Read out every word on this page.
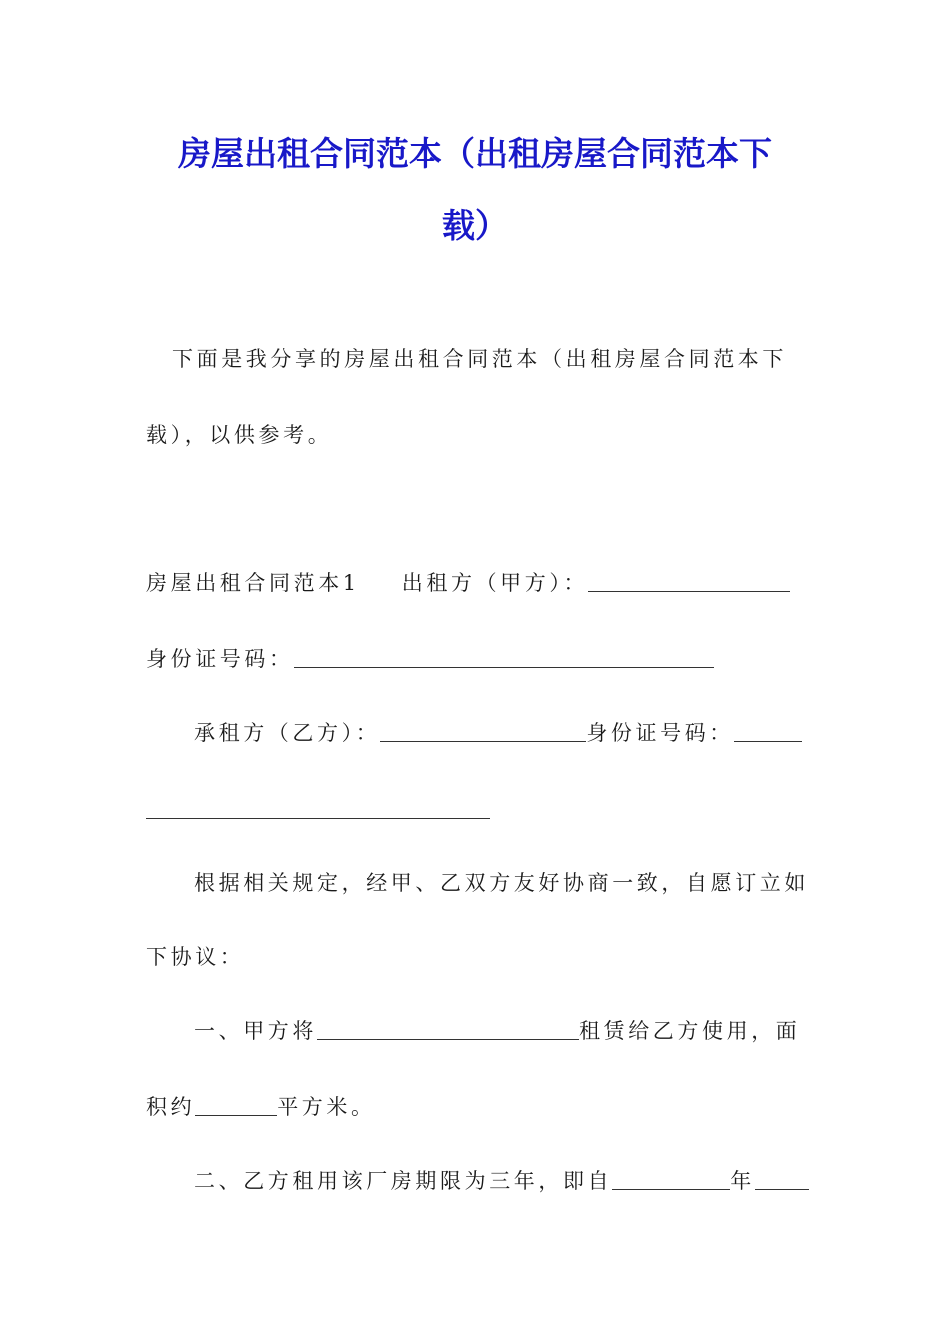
房屋出租合同范本（出租房屋合同范本下
载）
下面是我分享的房屋出租合同范本（出租房屋合同范本下
载），以供参考。
房屋出租合同范本1 出租方（甲方）：
身份证号码：
承租方（乙方）：	身份证号码：
根据相关规定，经甲、乙双方友好协商一致，自愿订立如
下协议：
一、甲方将	租赁给乙方使用，面
积约	平方米。
二、乙方租用该厂房期限为三年，即自	年
